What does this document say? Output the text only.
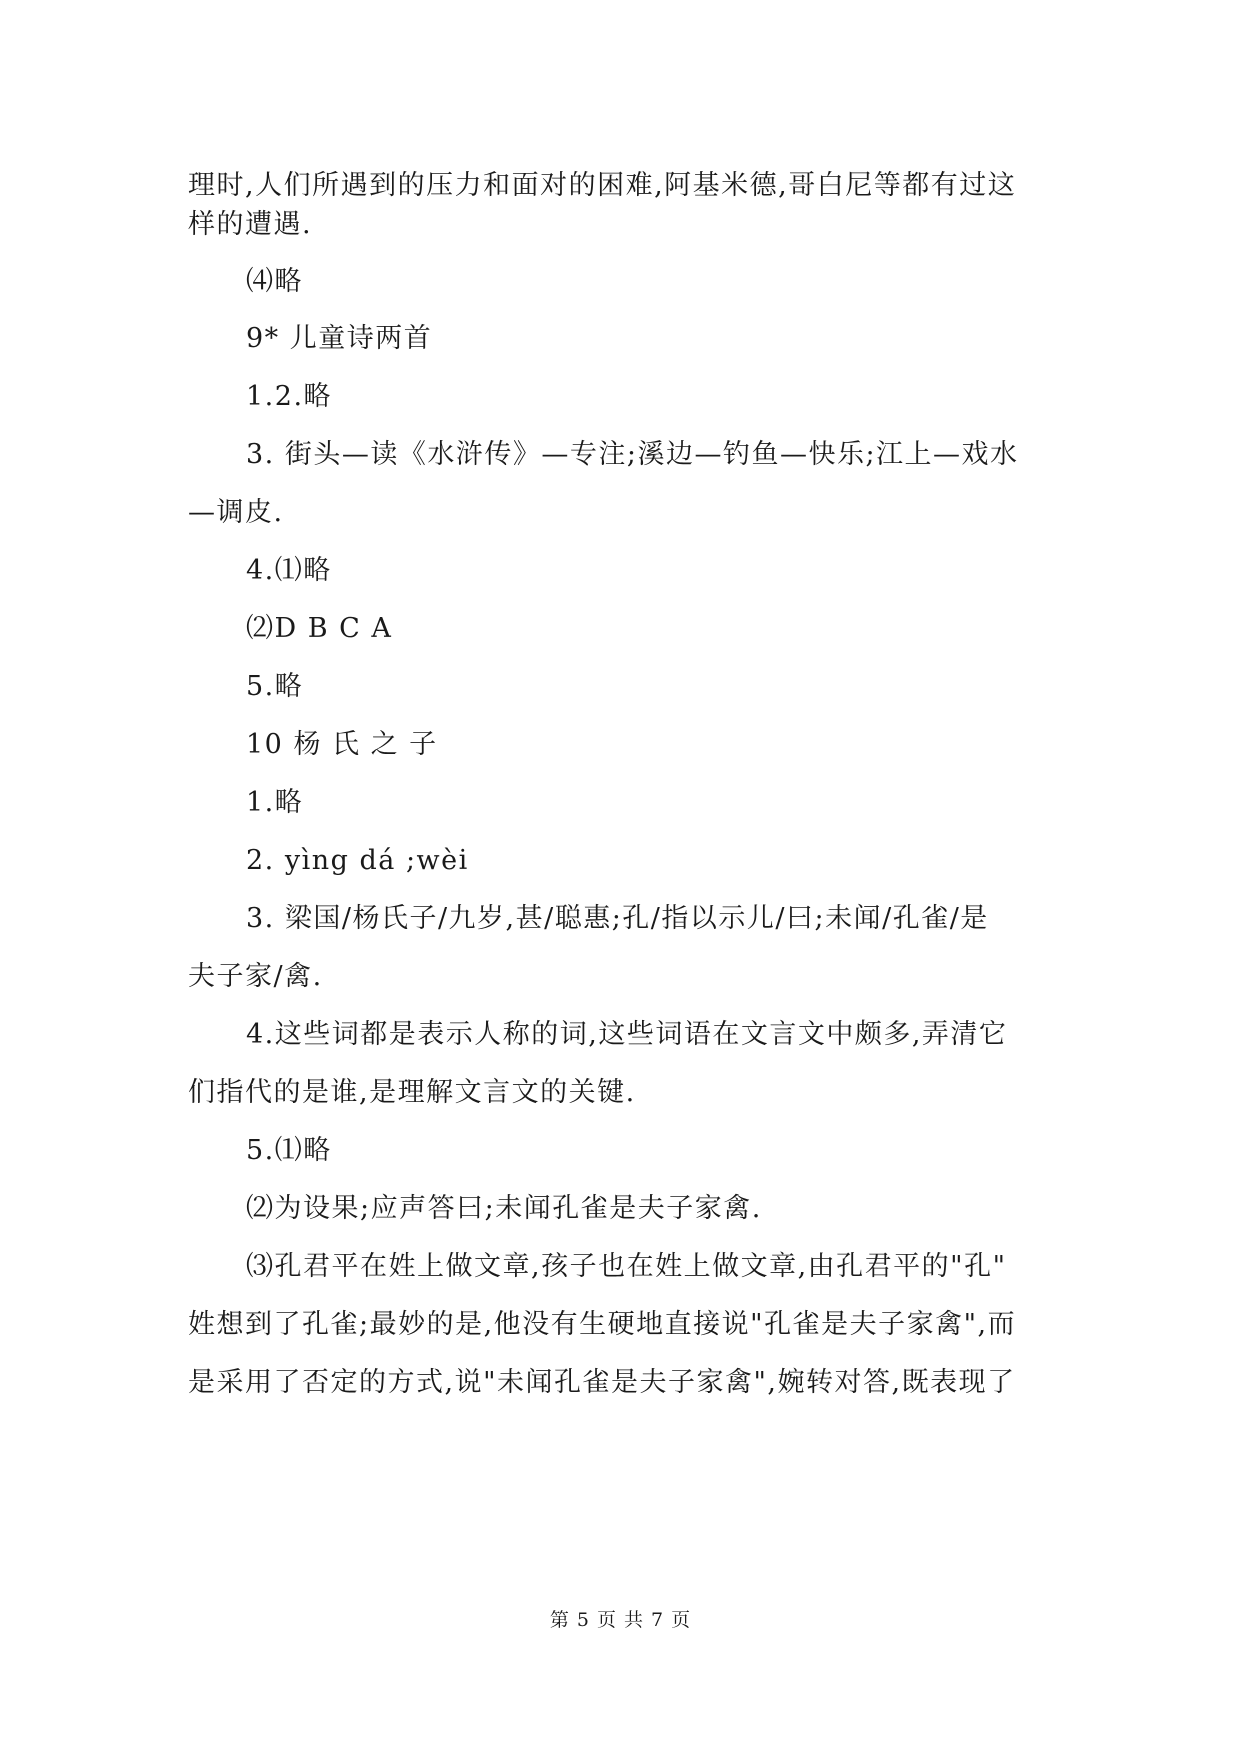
理时,人们所遇到的压力和面对的困难,阿基米德,哥白尼等都有过这
样的遭遇.
⑷略
9* 儿童诗两首
1.2.略
3. 街头—读《水浒传》—专注;溪边—钓鱼—快乐;江上—戏水
—调皮.
4.⑴略
⑵D B C A
5.略
10 杨 氏 之 子
1.略
2. yìng dá ;wèi
3. 梁国/杨氏子/九岁,甚/聪惠;孔/指以示儿/曰;未闻/孔雀/是
夫子家/禽.
4.这些词都是表示人称的词,这些词语在文言文中颇多,弄清它
们指代的是谁,是理解文言文的关键.
5.⑴略
⑵为设果;应声答曰;未闻孔雀是夫子家禽.
⑶孔君平在姓上做文章,孩子也在姓上做文章,由孔君平的"孔"
姓想到了孔雀;最妙的是,他没有生硬地直接说"孔雀是夫子家禽",而
是采用了否定的方式,说"未闻孔雀是夫子家禽",婉转对答,既表现了
第 5 页 共 7 页
